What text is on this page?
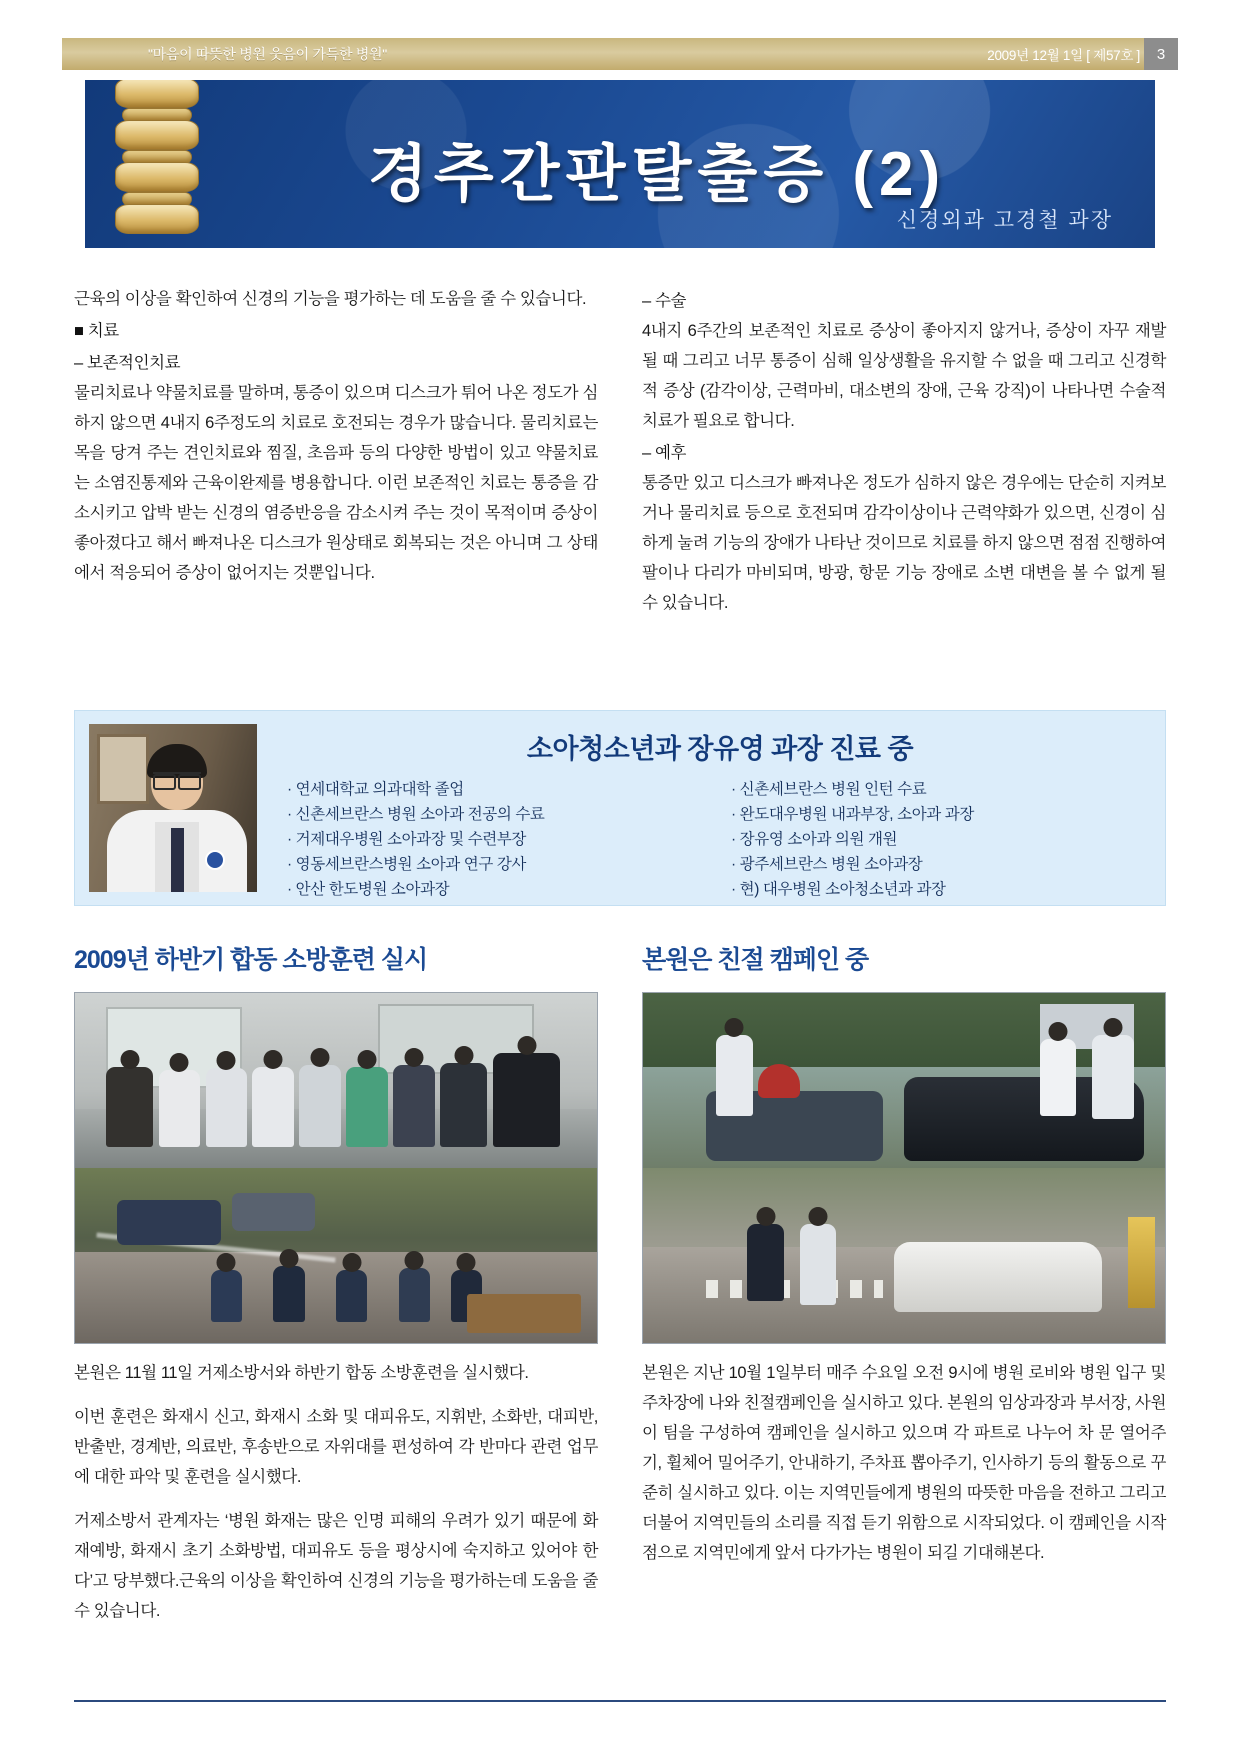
"마음이 따뜻한 병원 웃음이 가득한 병원"	2009년 12월 1일 [ 제57호 ]	3
경추간판탈출증 (2)
신경외과 고경철 과장

근육의 이상을 확인하여 신경의 기능을 평가하는 데 도움을 줄 수 있습니다.

■ 치료

– 보존적인치료

물리치료나 약물치료를 말하며, 통증이 있으며 디스크가 튀어 나온 정도가 심하지 않으면 4내지 6주정도의 치료로 호전되는 경우가 많습니다. 물리치료는 목을 당겨 주는 견인치료와 찜질, 초음파 등의 다양한 방법이 있고 약물치료는 소염진통제와 근육이완제를 병용합니다. 이런 보존적인 치료는 통증을 감소시키고 압박 받는 신경의 염증반응을 감소시켜 주는 것이 목적이며 증상이 좋아졌다고 해서 빠져나온 디스크가 원상태로 회복되는 것은 아니며 그 상태에서 적응되어 증상이 없어지는 것뿐입니다.

– 수술

4내지 6주간의 보존적인 치료로 증상이 좋아지지 않거나, 증상이 자꾸 재발될 때 그리고 너무 통증이 심해 일상생활을 유지할 수 없을 때 그리고 신경학적 증상 (감각이상, 근력마비, 대소변의 장애, 근육 강직)이 나타나면 수술적 치료가 필요로 합니다.

– 예후

통증만 있고 디스크가 빠져나온 정도가 심하지 않은 경우에는 단순히 지켜보거나 물리치료 등으로 호전되며 감각이상이나 근력약화가 있으면, 신경이 심하게 눌려 기능의 장애가 나타난 것이므로 치료를 하지 않으면 점점 진행하여 팔이나 다리가 마비되며, 방광, 항문 기능 장애로 소변 대변을 볼 수 없게 될 수 있습니다.

소아청소년과 장유영 과장 진료 중
· 연세대학교 의과대학 졸업
· 신촌세브란스 병원 소아과 전공의 수료
· 거제대우병원 소아과장 및 수련부장
· 영동세브란스병원 소아과 연구 강사
· 안산 한도병원 소아과장
· 신촌세브란스 병원 인턴 수료
· 완도대우병원 내과부장, 소아과 과장
· 장유영 소아과 의원 개원
· 광주세브란스 병원 소아과장
· 현) 대우병원 소아청소년과 과장
2009년 하반기 합동 소방훈련 실시

본원은 11월 11일 거제소방서와 하반기 합동 소방훈련을 실시했다.

이번 훈련은 화재시 신고, 화재시 소화 및 대피유도, 지휘반, 소화반, 대피반, 반출반, 경계반, 의료반, 후송반으로 자위대를 편성하여 각 반마다 관련 업무에 대한 파악 및 훈련을 실시했다.

거제소방서 관계자는 ‘병원 화재는 많은 인명 피해의 우려가 있기 때문에 화재예방, 화재시 초기 소화방법, 대피유도 등을 평상시에 숙지하고 있어야 한다’고 당부했다.근육의 이상을 확인하여 신경의 기능을 평가하는데 도움을 줄 수 있습니다.

본원은 친절 캠페인 중

본원은 지난 10월 1일부터 매주 수요일 오전 9시에 병원 로비와 병원 입구 및 주차장에 나와 친절캠페인을 실시하고 있다. 본원의 임상과장과 부서장, 사원이 팀을 구성하여 캠페인을 실시하고 있으며 각 파트로 나누어 차 문 열어주기, 휠체어 밀어주기, 안내하기, 주차표 뽑아주기, 인사하기 등의 활동으로 꾸준히 실시하고 있다. 이는 지역민들에게 병원의 따뜻한 마음을 전하고 그리고 더불어 지역민들의 소리를 직접 듣기 위함으로 시작되었다. 이 캠페인을 시작점으로 지역민에게 앞서 다가가는 병원이 되길 기대해본다.
